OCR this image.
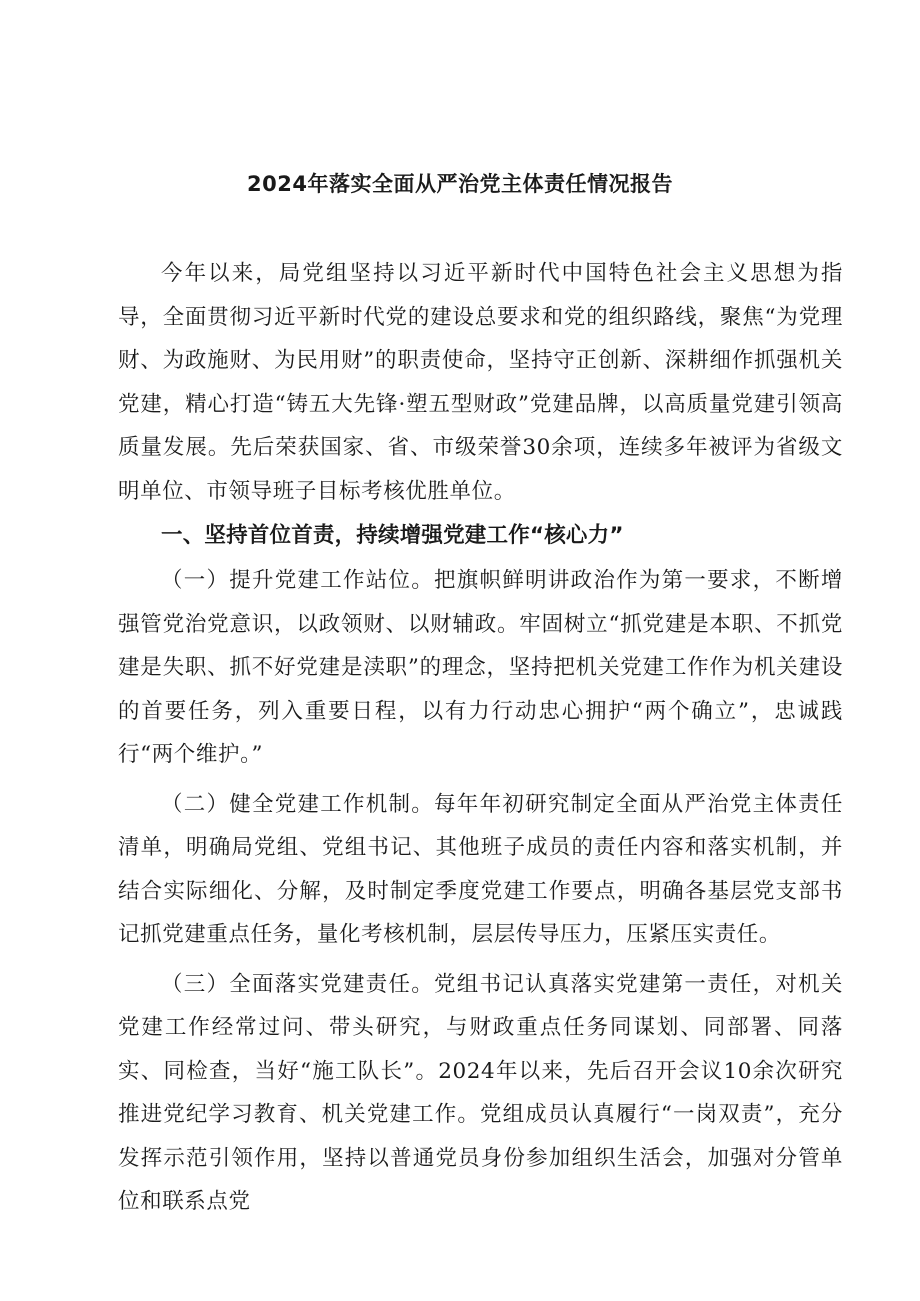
2024年落实全面从严治党主体责任情况报告

今年以来，局党组坚持以习近平新时代中国特色社会主义思想为指导，全面贯彻习近平新时代党的建设总要求和党的组织路线，聚焦“为党理财、为政施财、为民用财”的职责使命，坚持守正创新、深耕细作抓强机关党建，精心打造“铸五大先锋·塑五型财政”党建品牌，以高质量党建引领高质量发展。先后荣获国家、省、市级荣誉30余项，连续多年被评为省级文明单位、市领导班子目标考核优胜单位。

一、坚持首位首责，持续增强党建工作“核心力”

（一）提升党建工作站位。把旗帜鲜明讲政治作为第一要求，不断增强管党治党意识，以政领财、以财辅政。牢固树立“抓党建是本职、不抓党建是失职、抓不好党建是渎职”的理念，坚持把机关党建工作作为机关建设的首要任务，列入重要日程，以有力行动忠心拥护“两个确立”，忠诚践行“两个维护。”

（二）健全党建工作机制。每年年初研究制定全面从严治党主体责任清单，明确局党组、党组书记、其他班子成员的责任内容和落实机制，并结合实际细化、分解，及时制定季度党建工作要点，明确各基层党支部书记抓党建重点任务，量化考核机制，层层传导压力，压紧压实责任。

（三）全面落实党建责任。党组书记认真落实党建第一责任，对机关党建工作经常过问、带头研究，与财政重点任务同谋划、同部署、同落实、同检查，当好“施工队长”。2024年以来，先后召开会议10余次研究推进党纪学习教育、机关党建工作。党组成员认真履行“一岗双责”，充分发挥示范引领作用，坚持以普通党员身份参加组织生活会，加强对分管单位和联系点党
